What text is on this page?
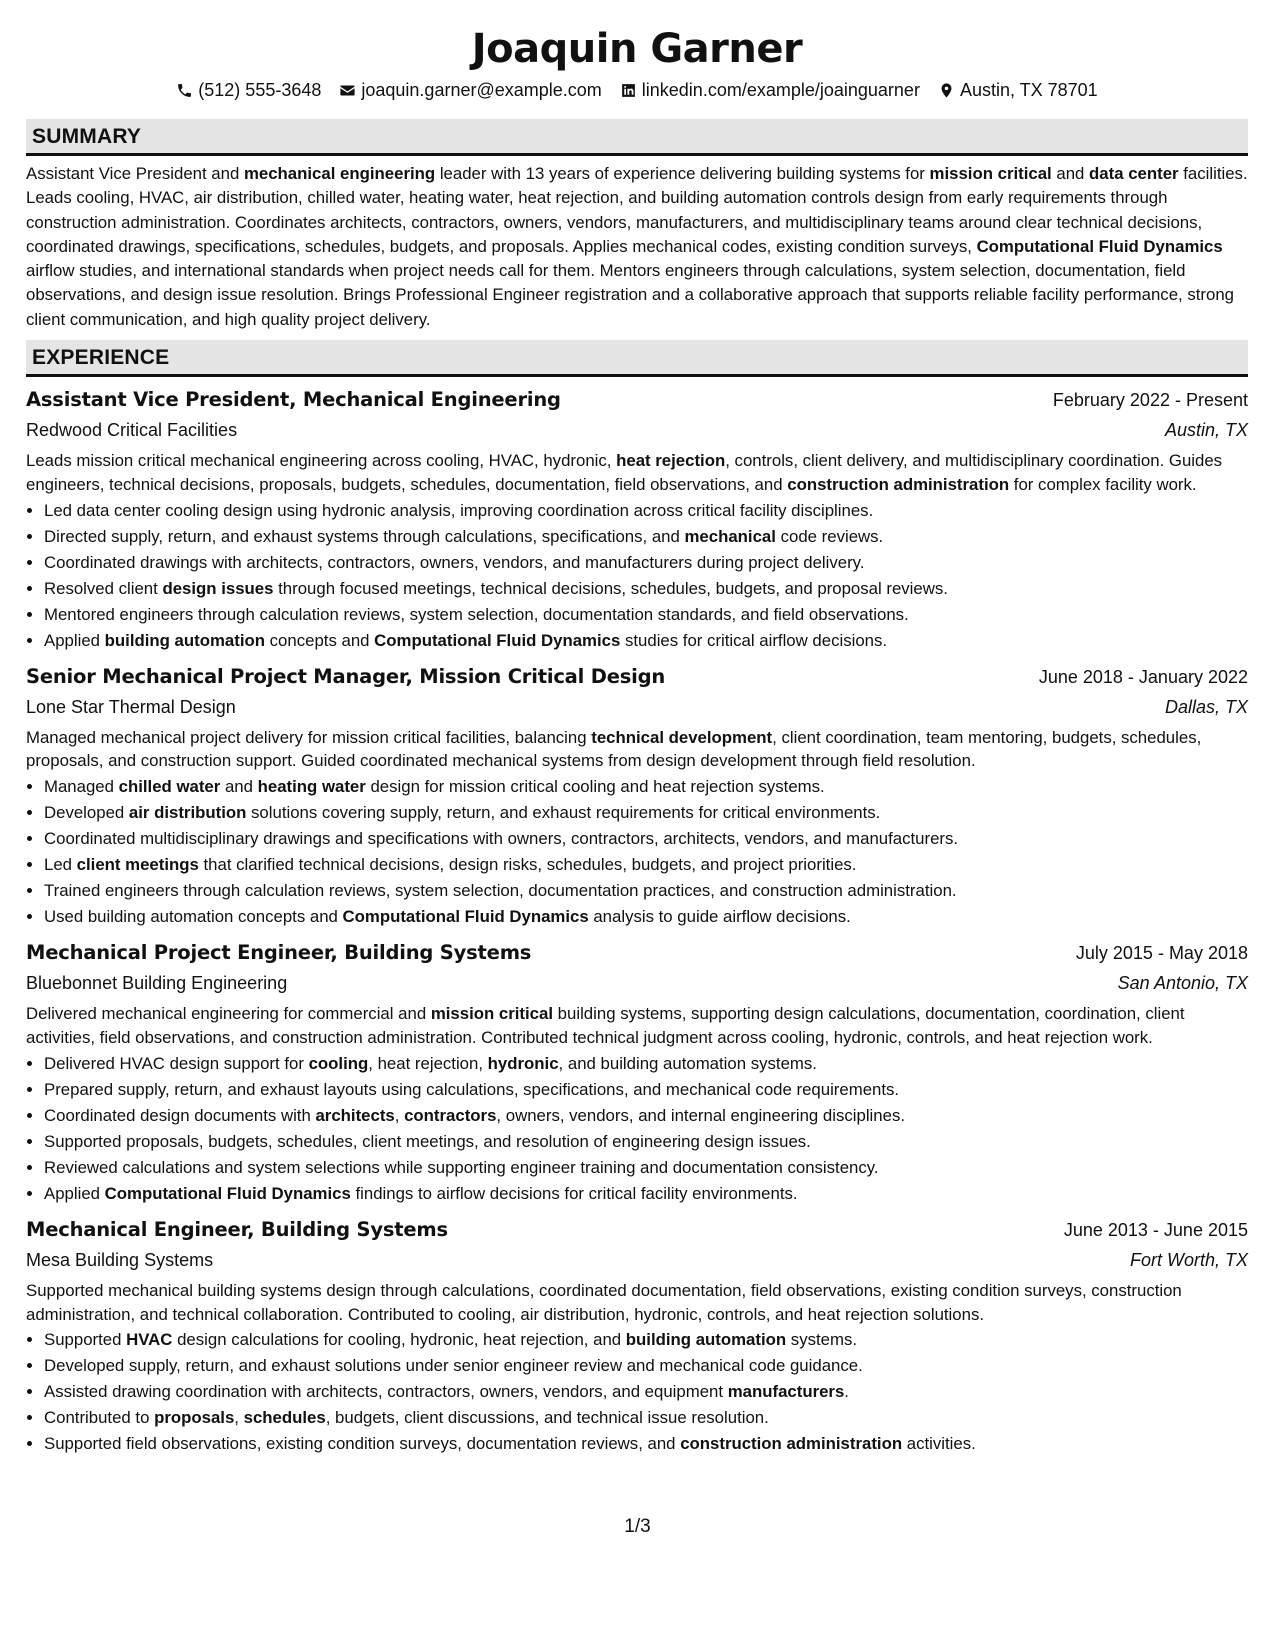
Joaquin Garner
(512) 555-3648 joaquin.garner@example.com linkedin.com/example/joainguarner Austin, TX 78701
SUMMARY
Assistant Vice President and mechanical engineering leader with 13 years of experience delivering building systems for mission critical and data center facilities. Leads cooling, HVAC, air distribution, chilled water, heating water, heat rejection, and building automation controls design from early requirements through construction administration. Coordinates architects, contractors, owners, vendors, manufacturers, and multidisciplinary teams around clear technical decisions, coordinated drawings, specifications, schedules, budgets, and proposals. Applies mechanical codes, existing condition surveys, Computational Fluid Dynamics airflow studies, and international standards when project needs call for them. Mentors engineers through calculations, system selection, documentation, field observations, and design issue resolution. Brings Professional Engineer registration and a collaborative approach that supports reliable facility performance, strong client communication, and high quality project delivery.
EXPERIENCE
Assistant Vice President, Mechanical Engineering	February 2022 - Present
Redwood Critical Facilities	Austin, TX
Leads mission critical mechanical engineering across cooling, HVAC, hydronic, heat rejection, controls, client delivery, and multidisciplinary coordination. Guides engineers, technical decisions, proposals, budgets, schedules, documentation, field observations, and construction administration for complex facility work.
• Led data center cooling design using hydronic analysis, improving coordination across critical facility disciplines.
• Directed supply, return, and exhaust systems through calculations, specifications, and mechanical code reviews.
• Coordinated drawings with architects, contractors, owners, vendors, and manufacturers during project delivery.
• Resolved client design issues through focused meetings, technical decisions, schedules, budgets, and proposal reviews.
• Mentored engineers through calculation reviews, system selection, documentation standards, and field observations.
• Applied building automation concepts and Computational Fluid Dynamics studies for critical airflow decisions.
Senior Mechanical Project Manager, Mission Critical Design	June 2018 - January 2022
Lone Star Thermal Design	Dallas, TX
Managed mechanical project delivery for mission critical facilities, balancing technical development, client coordination, team mentoring, budgets, schedules, proposals, and construction support. Guided coordinated mechanical systems from design development through field resolution.
• Managed chilled water and heating water design for mission critical cooling and heat rejection systems.
• Developed air distribution solutions covering supply, return, and exhaust requirements for critical environments.
• Coordinated multidisciplinary drawings and specifications with owners, contractors, architects, vendors, and manufacturers.
• Led client meetings that clarified technical decisions, design risks, schedules, budgets, and project priorities.
• Trained engineers through calculation reviews, system selection, documentation practices, and construction administration.
• Used building automation concepts and Computational Fluid Dynamics analysis to guide airflow decisions.
Mechanical Project Engineer, Building Systems	July 2015 - May 2018
Bluebonnet Building Engineering	San Antonio, TX
Delivered mechanical engineering for commercial and mission critical building systems, supporting design calculations, documentation, coordination, client activities, field observations, and construction administration. Contributed technical judgment across cooling, hydronic, controls, and heat rejection work.
• Delivered HVAC design support for cooling, heat rejection, hydronic, and building automation systems.
• Prepared supply, return, and exhaust layouts using calculations, specifications, and mechanical code requirements.
• Coordinated design documents with architects, contractors, owners, vendors, and internal engineering disciplines.
• Supported proposals, budgets, schedules, client meetings, and resolution of engineering design issues.
• Reviewed calculations and system selections while supporting engineer training and documentation consistency.
• Applied Computational Fluid Dynamics findings to airflow decisions for critical facility environments.
Mechanical Engineer, Building Systems	June 2013 - June 2015
Mesa Building Systems	Fort Worth, TX
Supported mechanical building systems design through calculations, coordinated documentation, field observations, existing condition surveys, construction administration, and technical collaboration. Contributed to cooling, air distribution, hydronic, controls, and heat rejection solutions.
• Supported HVAC design calculations for cooling, hydronic, heat rejection, and building automation systems.
• Developed supply, return, and exhaust solutions under senior engineer review and mechanical code guidance.
• Assisted drawing coordination with architects, contractors, owners, vendors, and equipment manufacturers.
• Contributed to proposals, schedules, budgets, client discussions, and technical issue resolution.
• Supported field observations, existing condition surveys, documentation reviews, and construction administration activities.
1/3
